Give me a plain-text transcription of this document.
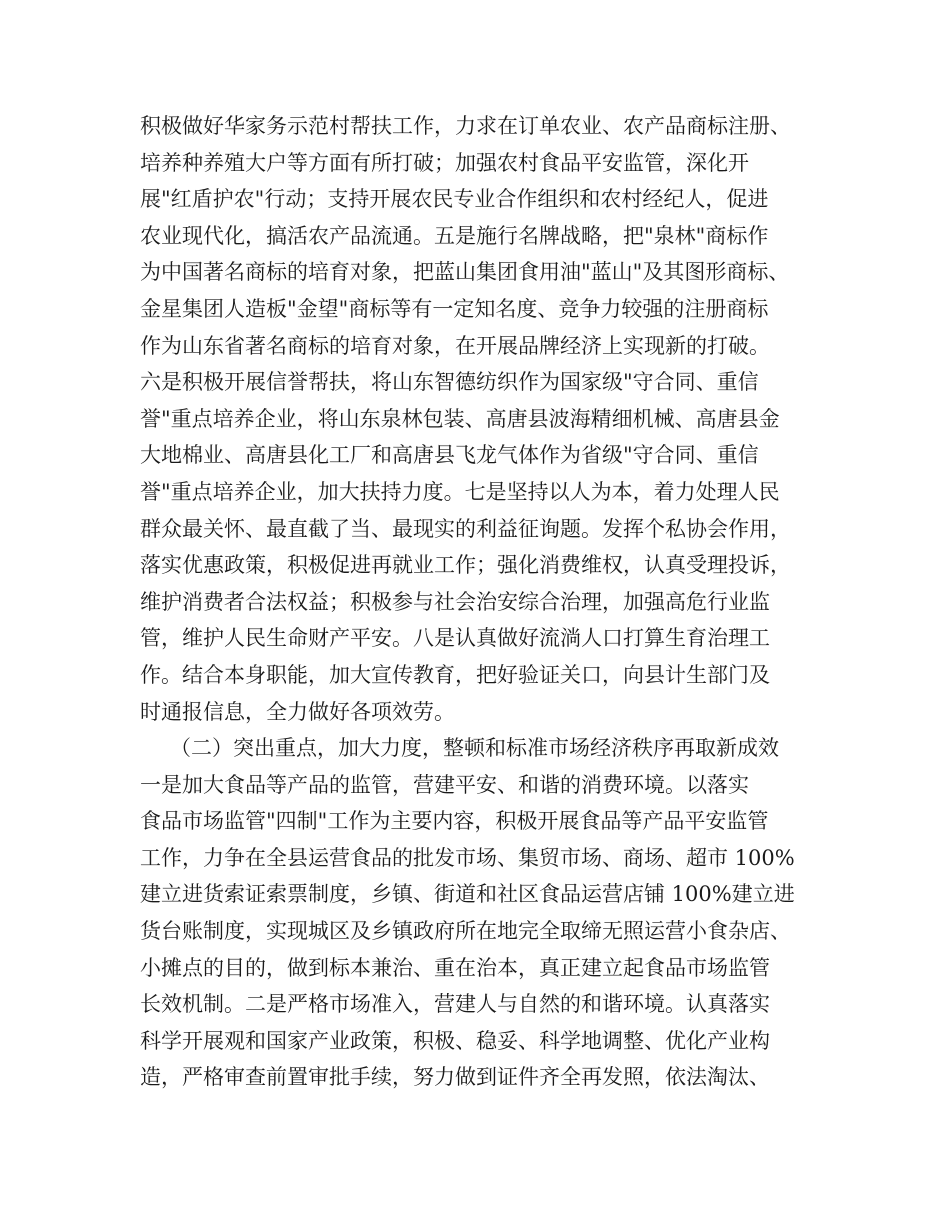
积极做好华家务示范村帮扶工作，力求在订单农业、农产品商标注册、
培养种养殖大户等方面有所打破；加强农村食品平安监管，深化开
展"红盾护农"行动；支持开展农民专业合作组织和农村经纪人，促进
农业现代化，搞活农产品流通。五是施行名牌战略，把"泉林"商标作
为中国著名商标的培育对象，把蓝山集团食用油"蓝山"及其图形商标、
金星集团人造板"金望"商标等有一定知名度、竞争力较强的注册商标
作为山东省著名商标的培育对象，在开展品牌经济上实现新的打破。
六是积极开展信誉帮扶，将山东智德纺织作为国家级"守合同、重信
誉"重点培养企业，将山东泉林包装、高唐县波海精细机械、高唐县金
大地棉业、高唐县化工厂和高唐县飞龙气体作为省级"守合同、重信
誉"重点培养企业，加大扶持力度。七是坚持以人为本，着力处理人民
群众最关怀、最直截了当、最现实的利益征询题。发挥个私协会作用，
落实优惠政策，积极促进再就业工作；强化消费维权，认真受理投诉，
维护消费者合法权益；积极参与社会治安综合治理，加强高危行业监
管，维护人民生命财产平安。八是认真做好流淌人口打算生育治理工
作。结合本身职能，加大宣传教育，把好验证关口，向县计生部门及
时通报信息，全力做好各项效劳。
（二）突出重点，加大力度，整顿和标准市场经济秩序再取新成效
一是加大食品等产品的监管，营建平安、和谐的消费环境。以落实
食品市场监管"四制"工作为主要内容，积极开展食品等产品平安监管
工作，力争在全县运营食品的批发市场、集贸市场、商场、超市 100%
建立进货索证索票制度，乡镇、街道和社区食品运营店铺 100%建立进
货台账制度，实现城区及乡镇政府所在地完全取缔无照运营小食杂店、
小摊点的目的，做到标本兼治、重在治本，真正建立起食品市场监管
长效机制。二是严格市场准入，营建人与自然的和谐环境。认真落实
科学开展观和国家产业政策，积极、稳妥、科学地调整、优化产业构
造，严格审查前置审批手续，努力做到证件齐全再发照，依法淘汰、
